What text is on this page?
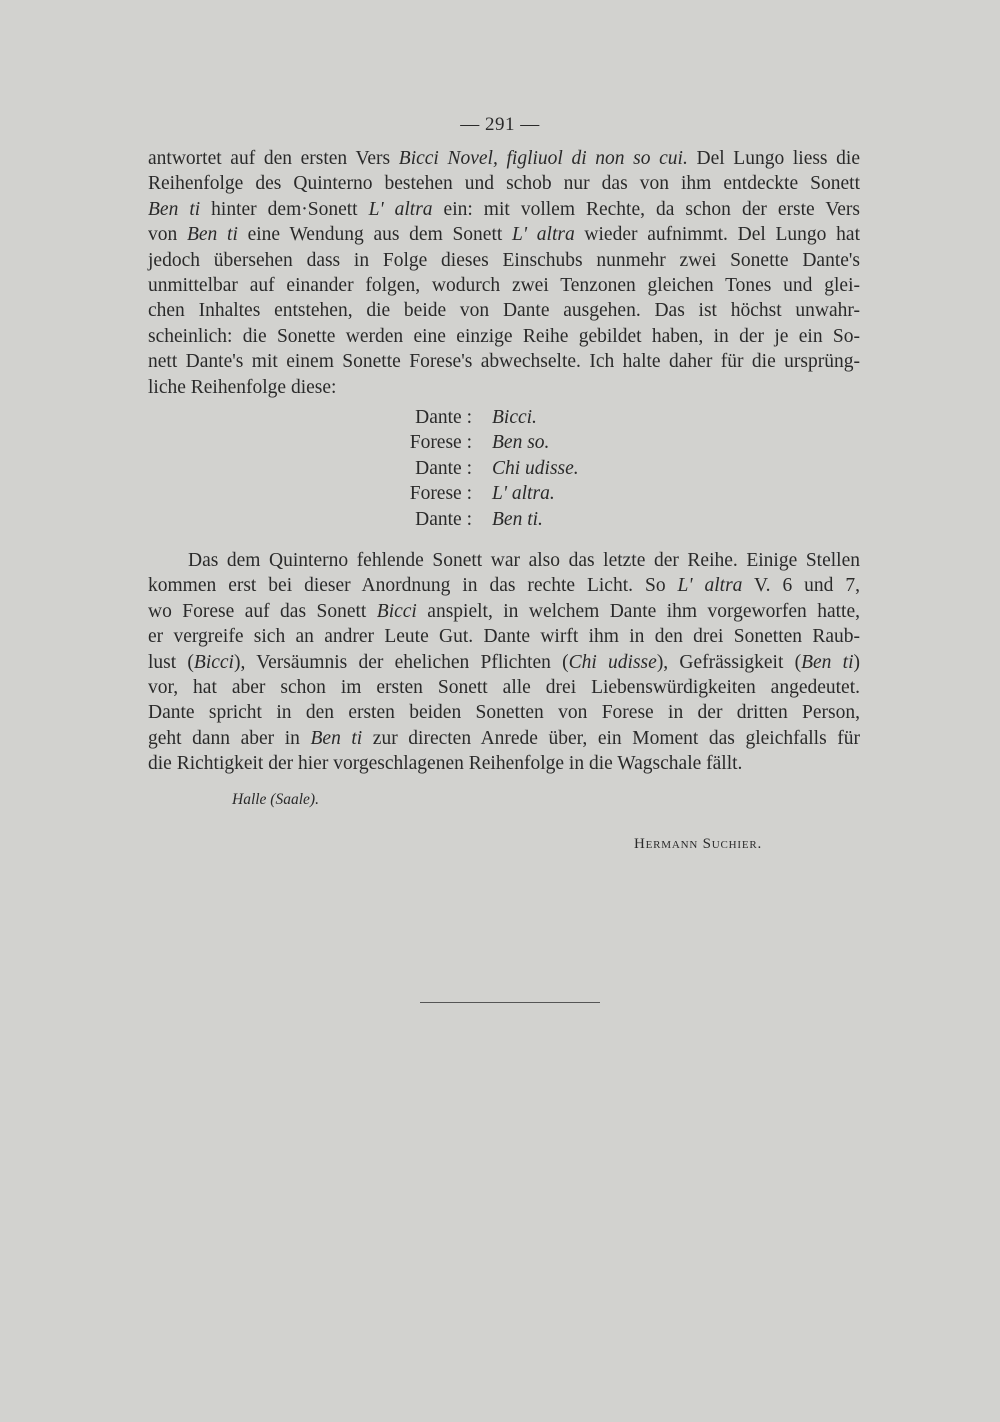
— 291 —
antwortet auf den ersten Vers Bicci Novel, figliuol di non so cui. Del Lungo liess die
Reihenfolge des Quinterno bestehen und schob nur das von ihm entdeckte Sonett
Ben ti hinter dem·Sonett L' altra ein: mit vollem Rechte, da schon der erste Vers
von Ben ti eine Wendung aus dem Sonett L' altra wieder aufnimmt. Del Lungo hat
jedoch übersehen dass in Folge dieses Einschubs nunmehr zwei Sonette Dante's
unmittelbar auf einander folgen, wodurch zwei Tenzonen gleichen Tones und glei-
chen Inhaltes entstehen, die beide von Dante ausgehen. Das ist höchst unwahr-
scheinlich: die Sonette werden eine einzige Reihe gebildet haben, in der je ein So-
nett Dante's mit einem Sonette Forese's abwechselte. Ich halte daher für die ursprüng-
liche Reihenfolge diese:
Dante : Bicci.
Forese : Ben so.
Dante : Chi udisse.
Forese : L' altra.
Dante : Ben ti.
Das dem Quinterno fehlende Sonett war also das letzte der Reihe. Einige Stellen
kommen erst bei dieser Anordnung in das rechte Licht. So L' altra V. 6 und 7,
wo Forese auf das Sonett Bicci anspielt, in welchem Dante ihm vorgeworfen hatte,
er vergreife sich an andrer Leute Gut. Dante wirft ihm in den drei Sonetten Raub-
lust (Bicci), Versäumnis der ehelichen Pflichten (Chi udisse), Gefrässigkeit (Ben ti)
vor, hat aber schon im ersten Sonett alle drei Liebenswürdigkeiten angedeutet.
Dante spricht in den ersten beiden Sonetten von Forese in der dritten Person,
geht dann aber in Ben ti zur directen Anrede über, ein Moment das gleichfalls für
die Richtigkeit der hier vorgeschlagenen Reihenfolge in die Wagschale fällt.
Halle (Saale).
Hermann Suchier.
